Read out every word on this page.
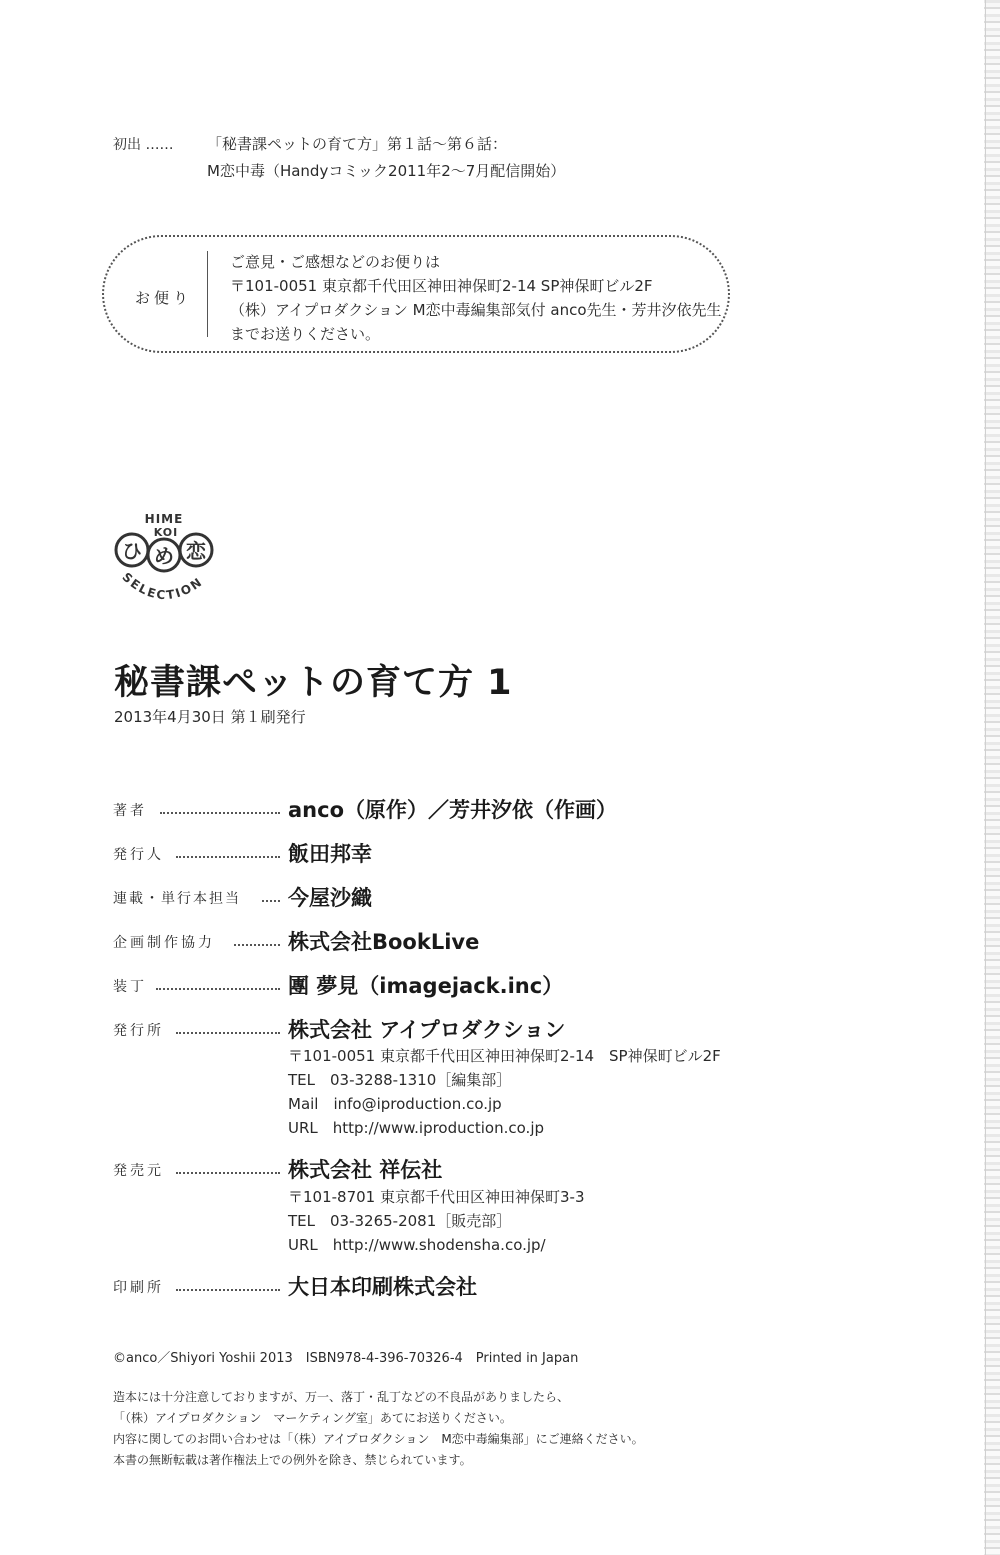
初出 …… 「秘書課ペットの育て方」第１話〜第６話：
M恋中毒（Handyコミック2011年2〜7月配信開始）
お便り
ご意見・ご感想などのお便りは
〒101-0051 東京都千代田区神田神保町2-14 SP神保町ビル2F
（株）アイプロダクション M恋中毒編集部気付 anco先生・芳井汐依先生
までお送りください。
HIME
KOI
ひ め 恋
SELECTION
秘書課ペットの育て方 1
2013年4月30日 第１刷発行
著者	anco（原作）／芳井汐依（作画）
発行人	飯田邦幸
連載・単行本担当 今屋沙織
企画制作協力	株式会社BookLive
装丁	團 夢見（imagejack.inc）
発行所	株式会社 アイプロダクション
〒101-0051 東京都千代田区神田神保町2-14　SP神保町ビル2F
TEL　03-3288-1310［編集部］
Mail　info@iproduction.co.jp
URL　http://www.iproduction.co.jp
発売元	株式会社 祥伝社
〒101-8701 東京都千代田区神田神保町3-3
TEL　03-3265-2081［販売部］
URL　http://www.shodensha.co.jp/
印刷所	大日本印刷株式会社
©anco／Shiyori Yoshii 2013　ISBN978-4-396-70326-4　Printed in Japan
造本には十分注意しておりますが、万一、落丁・乱丁などの不良品がありましたら、
「（株）アイプロダクション　マーケティング室」あてにお送りください。
内容に関してのお問い合わせは「（株）アイプロダクション　M恋中毒編集部」にご連絡ください。
本書の無断転載は著作権法上での例外を除き、禁じられています。
